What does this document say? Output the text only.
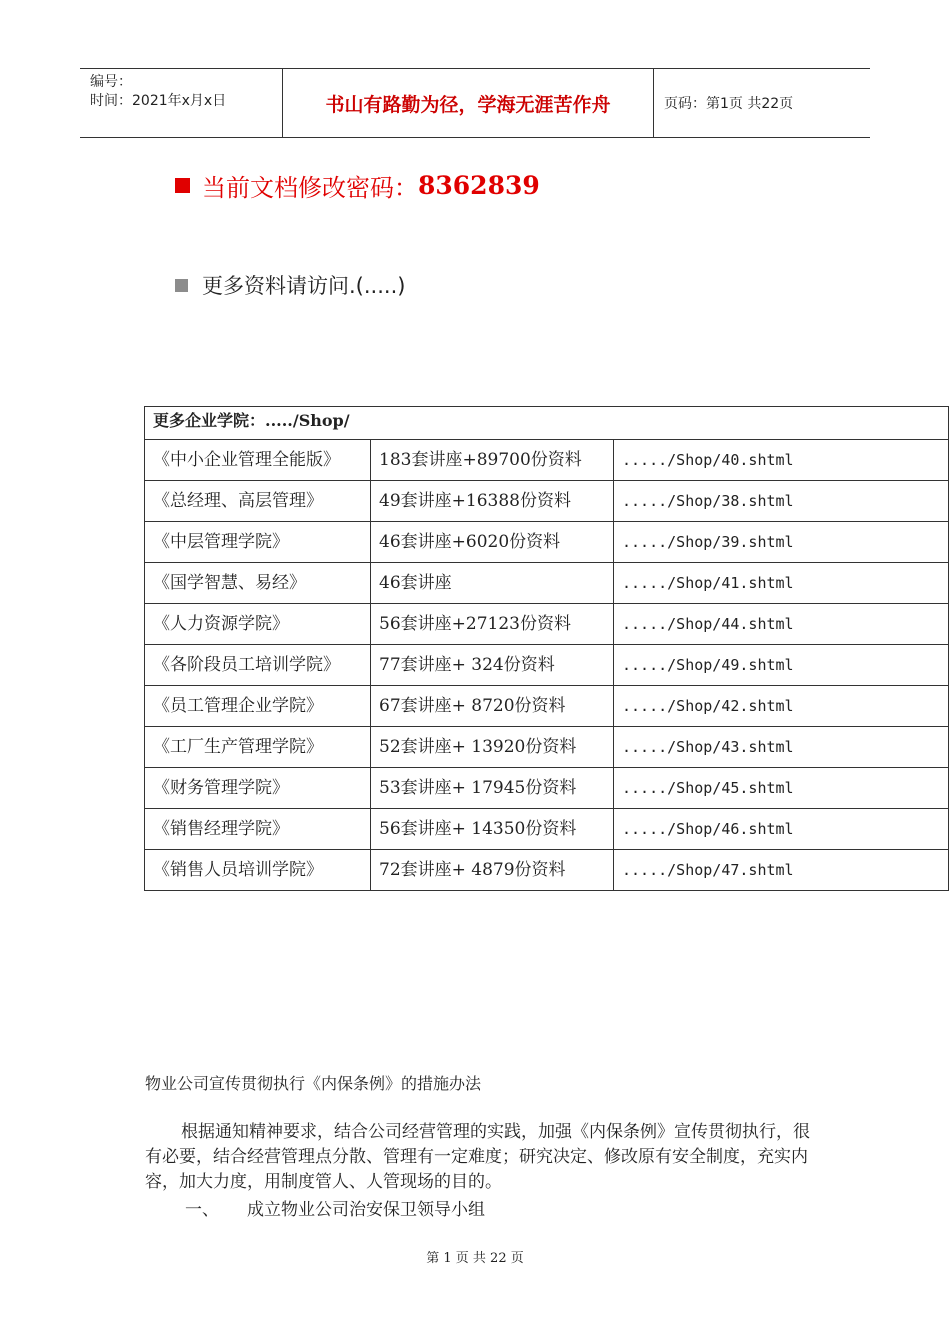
编号：
时间：2021年x月x日	书山有路勤为径，学海无涯苦作舟	页码：第1页 共22页
当前文档修改密码： 8362839
更多资料请访问.(.....)
更多企业学院：...../Shop/		
《中小企业管理全能版》	183套讲座+89700份资料	...../Shop/40.shtml
《总经理、高层管理》	49套讲座+16388份资料	...../Shop/38.shtml
《中层管理学院》	46套讲座+6020份资料	...../Shop/39.shtml
《国学智慧、易经》	46套讲座	...../Shop/41.shtml
《人力资源学院》	56套讲座+27123份资料	...../Shop/44.shtml
《各阶段员工培训学院》	77套讲座+ 324份资料	...../Shop/49.shtml
《员工管理企业学院》	67套讲座+ 8720份资料	...../Shop/42.shtml
《工厂生产管理学院》	52套讲座+ 13920份资料	...../Shop/43.shtml
《财务管理学院》	53套讲座+ 17945份资料	...../Shop/45.shtml
《销售经理学院》	56套讲座+ 14350份资料	...../Shop/46.shtml
《销售人员培训学院》	72套讲座+ 4879份资料	...../Shop/47.shtml
物业公司宣传贯彻执行《内保条例》的措施办法
根据通知精神要求，结合公司经营管理的实践，加强《内保条例》宣传贯彻执行，很有必要，结合经营管理点分散、管理有一定难度；研究决定、修改原有安全制度，充实内容，加大力度，用制度管人、人管现场的目的。
一、 成立物业公司治安保卫领导小组
第 1 页 共 22 页
